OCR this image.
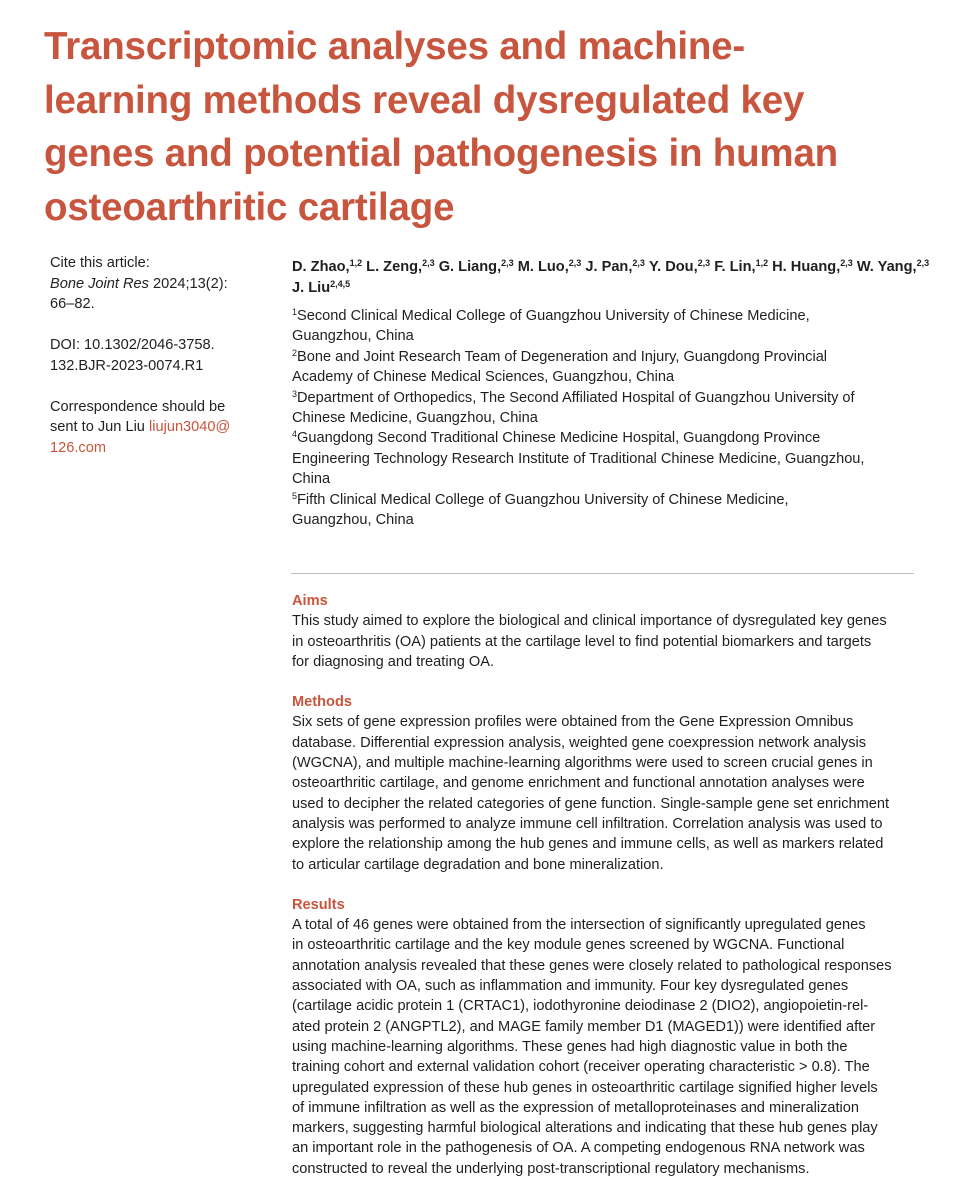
Transcriptomic analyses and machine-
learning methods reveal dysregulated key
genes and potential pathogenesis in human
osteoarthritic cartilage

Cite this article:
Bone Joint Res 2024;13(2):
66–82.

DOI: 10.1302/2046-3758.
132.BJR-2023-0074.R1

Correspondence should be
sent to Jun Liu liujun3040@
126.com

D. Zhao,$^{1,2}$ L. Zeng,$^{2,3}$ G. Liang,$^{2,3}$ M. Luo,$^{2,3}$ J. Pan,$^{2,3}$ Y. Dou,$^{2,3}$ F. Lin,$^{1,2}$ H. Huang,$^{2,3}$ W. Yang,$^{2,3}$
J. Liu$^{2,4,5}$
$^1$Second Clinical Medical College of Guangzhou University of Chinese Medicine,
Guangzhou, China
$^2$Bone and Joint Research Team of Degeneration and Injury, Guangdong Provincial
Academy of Chinese Medical Sciences, Guangzhou, China
$^3$Department of Orthopedics, The Second Affiliated Hospital of Guangzhou University of
Chinese Medicine, Guangzhou, China
$^4$Guangdong Second Traditional Chinese Medicine Hospital, Guangdong Province
Engineering Technology Research Institute of Traditional Chinese Medicine, Guangzhou,
China
$^5$Fifth Clinical Medical College of Guangzhou University of Chinese Medicine,
Guangzhou, China
Aims

This study aimed to explore the biological and clinical importance of dysregulated key genes
in osteoarthritis (OA) patients at the cartilage level to find potential biomarkers and targets
for diagnosing and treating OA.

Methods

Six sets of gene expression profiles were obtained from the Gene Expression Omnibus
database. Differential expression analysis, weighted gene coexpression network analysis
(WGCNA), and multiple machine-learning algorithms were used to screen crucial genes in
osteoarthritic cartilage, and genome enrichment and functional annotation analyses were
used to decipher the related categories of gene function. Single-sample gene set enrichment
analysis was performed to analyze immune cell infiltration. Correlation analysis was used to
explore the relationship among the hub genes and immune cells, as well as markers related
to articular cartilage degradation and bone mineralization.

Results

A total of 46 genes were obtained from the intersection of significantly upregulated genes
in osteoarthritic cartilage and the key module genes screened by WGCNA. Functional
annotation analysis revealed that these genes were closely related to pathological responses
associated with OA, such as inflammation and immunity. Four key dysregulated genes
(cartilage acidic protein 1 (CRTAC1), iodothyronine deiodinase 2 (DIO2), angiopoietin-rel-
ated protein 2 (ANGPTL2), and MAGE family member D1 (MAGED1)) were identified after
using machine-learning algorithms. These genes had high diagnostic value in both the
training cohort and external validation cohort (receiver operating characteristic > 0.8). The
upregulated expression of these hub genes in osteoarthritic cartilage signified higher levels
of immune infiltration as well as the expression of metalloproteinases and mineralization
markers, suggesting harmful biological alterations and indicating that these hub genes play
an important role in the pathogenesis of OA. A competing endogenous RNA network was
constructed to reveal the underlying post-transcriptional regulatory mechanisms.
